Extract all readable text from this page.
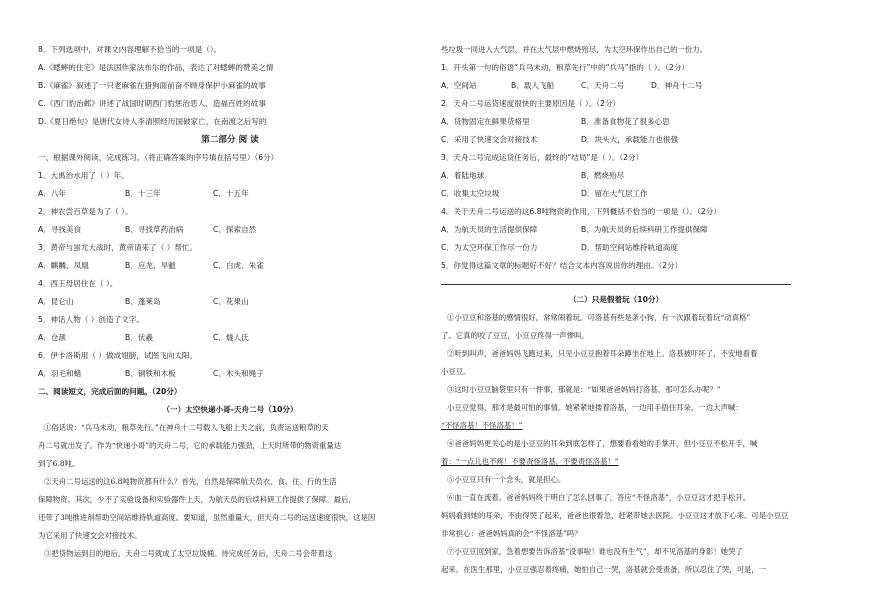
8．下列选项中，对课文内容理解不恰当的一项是（）。
A.《蟋蟀的住宅》是法国作家法布尔的作品，表达了对蟋蟀的赞美之情
B.《麻雀》叙述了一只老麻雀在猎狗面前奋不顾身保护小麻雀的故事
C.《西门豹治邺》讲述了战国时期西门豹惩治恶人、造福百姓的故事
D.《夏日绝句》是唐代女诗人李清照经历国破家亡，在南渡之后写的
第二部分 阅 读
一、根据课外阅读，完成练习。（将正确答案的序号填在括号里）（6分）
1．大禹治水用了（ ）年。
A．八年	B．十三年	C．十五年
2．神农尝百草是为了（ ）。
A．寻找美食	B．寻找草药治病	C．探索自然
3．黄帝与蚩尤大战时，黄帝请来了（ ）帮忙。
A．麒麟、凤凰	B．应龙、旱魃	C．白虎、朱雀
4．西王母居住在（ ）。
A．昆仑山	B．蓬莱岛	C．花果山
5．神话人物（ ）创造了文字。
A．仓颉	B．伏羲	C．燧人氏
6．伊卡洛斯用（ ）做成翅膀，试图飞向太阳。
A．羽毛和蜡	B．铜铁和木板	C．木头和绳子
二、阅读短文，完成后面的问题。（20分）
（一）太空快递小哥-天舟二号（10分）
①俗话说：“兵马未动，粮草先行。”在神舟十二号载人飞船上天之前，负责运送粮草的天
舟二号就出发了。作为“快递小哥”的天舟二号，它的承载能力强劲，上天时所带的物资重量达
到了6.8吨。
②天舟二号运送的这6.8吨物资都有什么？首先，自然是保障航天员衣、食、住、行的生活
保障物资。其次，少不了实验设备和实验器件上天，为航天员的后续科研工作提供了保障。最后，
还带了3吨推进剂帮助空间站维持轨道高度。要知道，虽然重量大，但天舟二号的运送速度很快，这是因
为它采用了快速交会对接技术。
③把货物运到目的地后，天舟二号就成了太空垃圾桶。待完成任务后，天舟二号会带着这
些垃圾一同进入大气层，并在大气层中燃烧殆尽，为太空环保作出自己的一份力。
1．开头第一句的俗语“兵马未动，粮草先行”中的“兵马”指的（ ）。（2分）
A．空间站	B．载人飞船	C．天舟二号	D．神舟十二号
2．天舟二号运货速度很快的主要原因是（ ）。（2分）
A．货物固定在鲜果货格里	B．准备食物花了很多心思
C．采用了快速交会对接技术	D．块头大，承载能力也很强
3．天舟二号完成运货任务后，最终的“结局”是（ ）。（2分）
A．着陆地球	B．燃烧殆尽
C．收集太空垃圾	D．留在大气层工作
4．关于天舟二号运送的这6.8吨物资的作用，下列概括不恰当的一项是（）。（2分）
A．为航天员的生活提供保障	B．为航天员的后续科研工作提供保障
C．为太空环保工作尽一份力	D．帮助空间站维持轨道高度
5．你觉得这篇文章的标题好不好？结合文本内容说说你的理由。（2分）
（二）只是假着玩（10分）
①小豆豆和洛基的感情很好，常常闹着玩。可洛基有些是条小狗，有一次跟着玩着玩“动真格”
了。它真的咬了豆豆，小豆豆疼得一声惨叫。
②听到叫声，爸爸妈妈飞跑过来，只见小豆豆抱着耳朵蹲坐在地上。洛基被吓坏了，不安地看着
小豆豆。
③这时小豆豆脑袋里只有一件事，那就是：“如果爸爸妈妈打洛基，那可怎么办呢？”
小豆豆觉得，那才是最可怕的事情。她紧紧地搂着洛基，一边用手捂住耳朵，一边大声喊：
“不怪洛基！不怪洛基！”
④爸爸妈妈更关心的是小豆豆的耳朵到底怎样了，想要看看她的手掌开，但小豆豆不松开手，喊
着：“一点儿也不疼！不要责怪洛基，不要责怪洛基！”
⑤小豆豆只有一个念头，就是担心。
⑥血一直在流着。爸爸妈妈终于明白了怎么回事了，答应“不怪洛基”，小豆豆这才把手松开。
妈妈看到她的耳朵，不由得哭了起来，爸爸也很着急，赶紧带她去医院。小豆豆这才放下心来。可是小豆豆
非常担心：爸爸妈妈真的会“不怪洛基”吗？
⑦小豆豆回到家，急着想要告诉洛基“没事啦！谁也没有生气”，却不见洛基的身影！她哭了
起来。在医生那里，小豆豆强忍着疼痛，她怕自己一哭，洛基就会受责备，所以忍住了哭，可是，一
